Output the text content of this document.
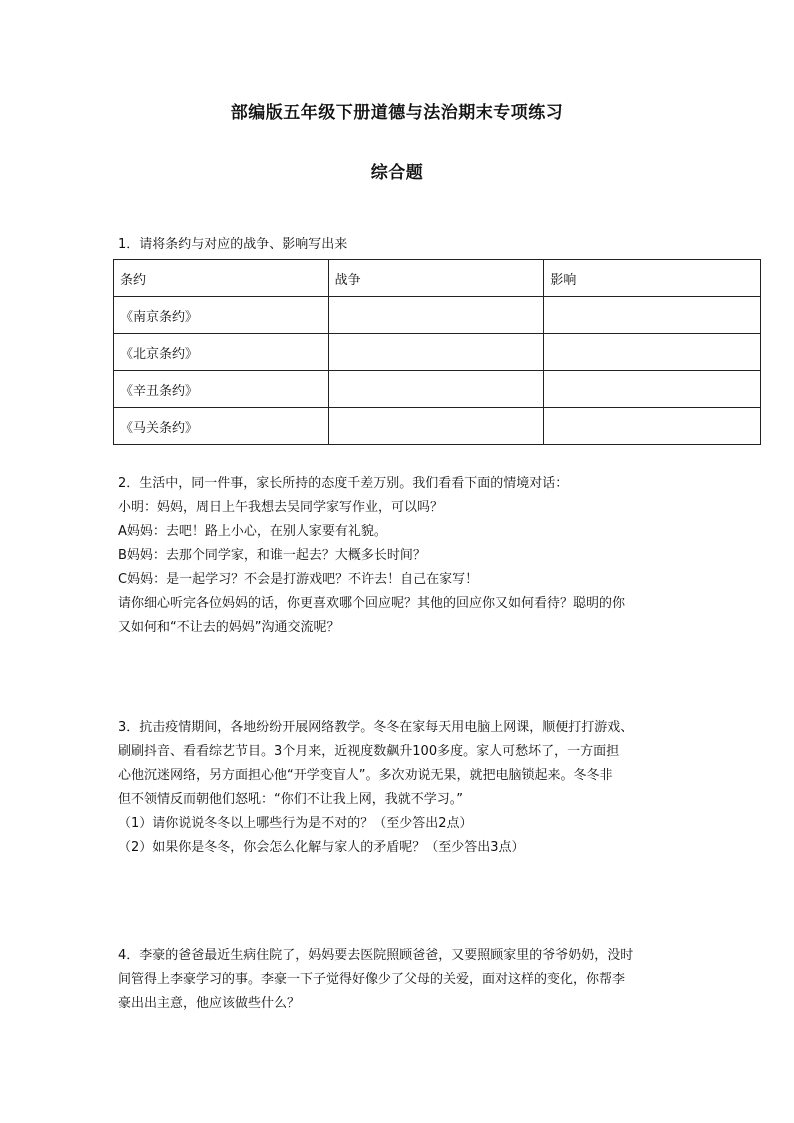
部编版五年级下册道德与法治期末专项练习
综合题

1．请将条约与对应的战争、影响写出来

条约	战争	影响
《南京条约》		
《北京条约》		
《辛丑条约》		
《马关条约》		

2．生活中，同一件事，家长所持的态度千差万别。我们看看下面的情境对话：

小明：妈妈，周日上午我想去吴同学家写作业，可以吗？

A妈妈：去吧！路上小心，在别人家要有礼貌。

B妈妈：去那个同学家，和谁一起去？大概多长时间？

C妈妈：是一起学习？不会是打游戏吧？不许去！自己在家写！

请你细心听完各位妈妈的话，你更喜欢哪个回应呢？其他的回应你又如何看待？聪明的你

又如何和“不让去的妈妈”沟通交流呢？

3．抗击疫情期间，各地纷纷开展网络教学。冬冬在家每天用电脑上网课，顺便打打游戏、

刷刷抖音、看看综艺节目。3个月来，近视度数飙升100多度。家人可愁坏了，一方面担

心他沉迷网络，另方面担心他“开学变盲人”。多次劝说无果，就把电脑锁起来。冬冬非

但不领情反而朝他们怒吼：“你们不让我上网，我就不学习。”

（1）请你说说冬冬以上哪些行为是不对的？（至少答出2点）

（2）如果你是冬冬，你会怎么化解与家人的矛盾呢？（至少答出3点）

4．李豪的爸爸最近生病住院了，妈妈要去医院照顾爸爸，又要照顾家里的爷爷奶奶，没时

间管得上李豪学习的事。李豪一下子觉得好像少了父母的关爱，面对这样的变化，你帮李

豪出出主意，他应该做些什么？
